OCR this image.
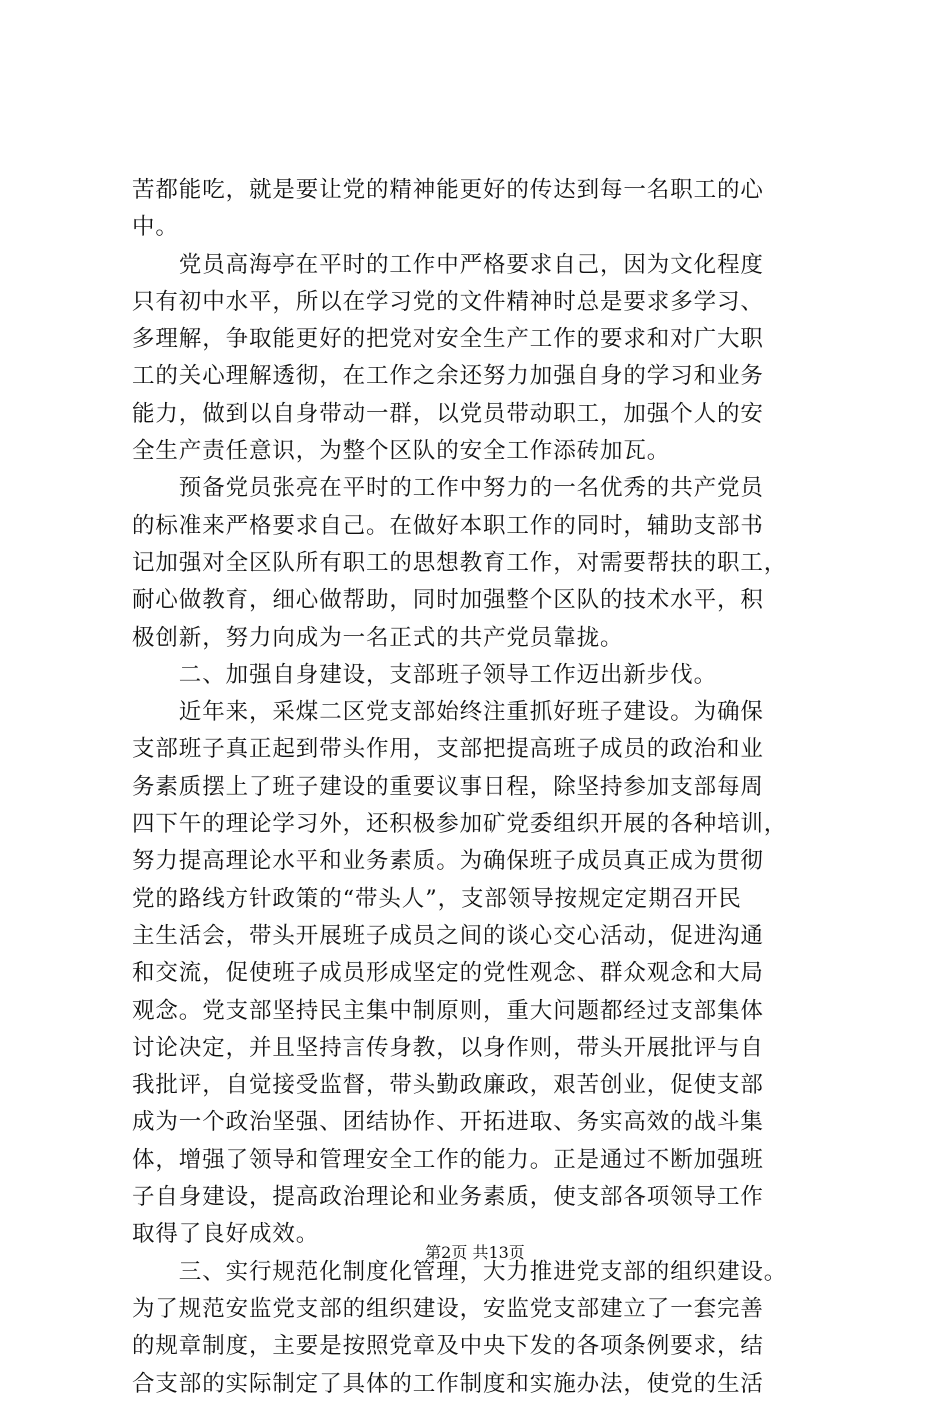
苦都能吃，就是要让党的精神能更好的传达到每一名职工的心
中。
　　党员高海亭在平时的工作中严格要求自己，因为文化程度
只有初中水平，所以在学习党的文件精神时总是要求多学习、
多理解，争取能更好的把党对安全生产工作的要求和对广大职
工的关心理解透彻，在工作之余还努力加强自身的学习和业务
能力，做到以自身带动一群，以党员带动职工，加强个人的安
全生产责任意识，为整个区队的安全工作添砖加瓦。
　　预备党员张亮在平时的工作中努力的一名优秀的共产党员
的标准来严格要求自己。在做好本职工作的同时，辅助支部书
记加强对全区队所有职工的思想教育工作，对需要帮扶的职工，
耐心做教育，细心做帮助，同时加强整个区队的技术水平，积
极创新，努力向成为一名正式的共产党员靠拢。
　　二、加强自身建设，支部班子领导工作迈出新步伐。
　　近年来，采煤二区党支部始终注重抓好班子建设。为确保
支部班子真正起到带头作用，支部把提高班子成员的政治和业
务素质摆上了班子建设的重要议事日程，除坚持参加支部每周
四下午的理论学习外，还积极参加矿党委组织开展的各种培训，
努力提高理论水平和业务素质。为确保班子成员真正成为贯彻
党的路线方针政策的“带头人”，支部领导按规定定期召开民
主生活会，带头开展班子成员之间的谈心交心活动，促进沟通
和交流，促使班子成员形成坚定的党性观念、群众观念和大局
观念。党支部坚持民主集中制原则，重大问题都经过支部集体
讨论决定，并且坚持言传身教，以身作则，带头开展批评与自
我批评，自觉接受监督，带头勤政廉政，艰苦创业，促使支部
成为一个政治坚强、团结协作、开拓进取、务实高效的战斗集
体，增强了领导和管理安全工作的能力。正是通过不断加强班
子自身建设，提高政治理论和业务素质，使支部各项领导工作
取得了良好成效。
　　三、实行规范化制度化管理，大力推进党支部的组织建设。
为了规范安监党支部的组织建设，安监党支部建立了一套完善
的规章制度，主要是按照党章及中央下发的各项条例要求，结
合支部的实际制定了具体的工作制度和实施办法，使党的生活
第2页 共13页
